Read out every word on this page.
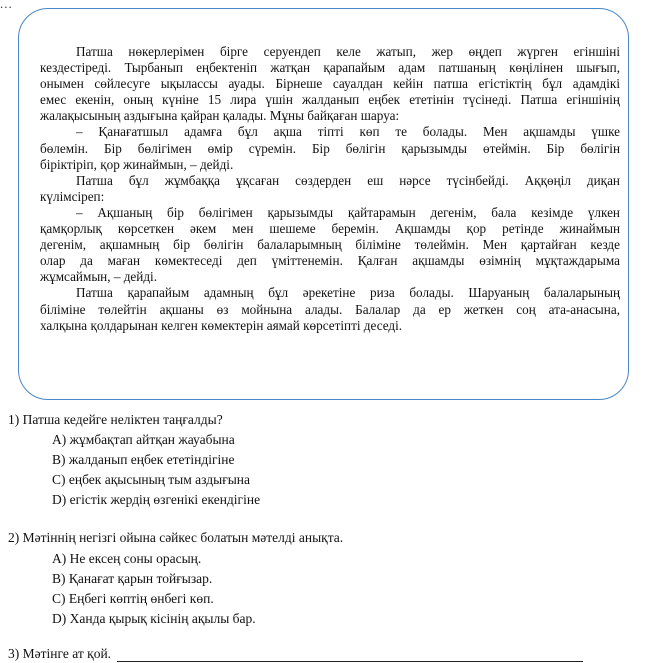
...
Патша нөкерлерімен бірге серуендеп келе жатып, жер өңдеп жүрген егіншіні
кездестіреді. Тырбанып еңбектеніп жатқан қарапайым адам патшаның көңілінен шығып,
онымен сөйлесуге ықылассы ауады. Бірнеше сауалдан кейін патша егістіктің бұл адамдікі
емес екенін, оның күніне 15 лира үшін жалданып еңбек ететінін түсінеді. Патша егіншінің
жалақысының аздығына қайран қалады. Мұны байқаған шаруа:
– Қанағатшыл адамға бұл ақша тіпті көп те болады. Мен ақшамды үшке
бөлемін. Бір бөлігімен өмір сүремін. Бір бөлігін қарызымды өтеймін. Бір бөлігін
біріктіріп, қор жинаймын, – дейді.
Патша бұл жұмбаққа ұқсаған сөздерден еш нәрсе түсінбейді. Аққөңіл диқан
күлімсіреп:
– Ақшаның бір бөлігімен қарызымды қайтарамын дегенім, бала кезімде үлкен
қамқорлық көрсеткен әкем мен шешеме беремін. Ақшамды қор ретінде жинаймын
дегенім, ақшамның бір бөлігін балаларымның біліміне төлеймін. Мен қартайған кезде
олар да маған көмектеседі деп үміттенемін. Қалған ақшамды өзімнің мұқтаждарыма
жұмсаймын, – дейді.
Патша қарапайым адамның бұл әрекетіне риза болады. Шаруаның балаларының
біліміне төлейтін ақшаны өз мойнына алады. Балалар да ер жеткен соң ата-анасына,
халқына қолдарынан келген көмектерін аямай көрсетіпті деседі.
1) Патша кедейге неліктен таңғалды?
А) жұмбақтап айтқан жауабына
В) жалданып еңбек ететіндігіне
С) еңбек ақысының тым аздығына
D) егістік жердің өзгенікі екендігіне
2) Мәтіннің негізгі ойына сәйкес болатын мәтелді анықта.
А) Не ексең соны орасың.
В) Қанағат қарын тойғызар.
С) Еңбегі көптің өнбегі көп.
D) Ханда қырық кісінің ақылы бар.
3) Мәтінге ат қой.
